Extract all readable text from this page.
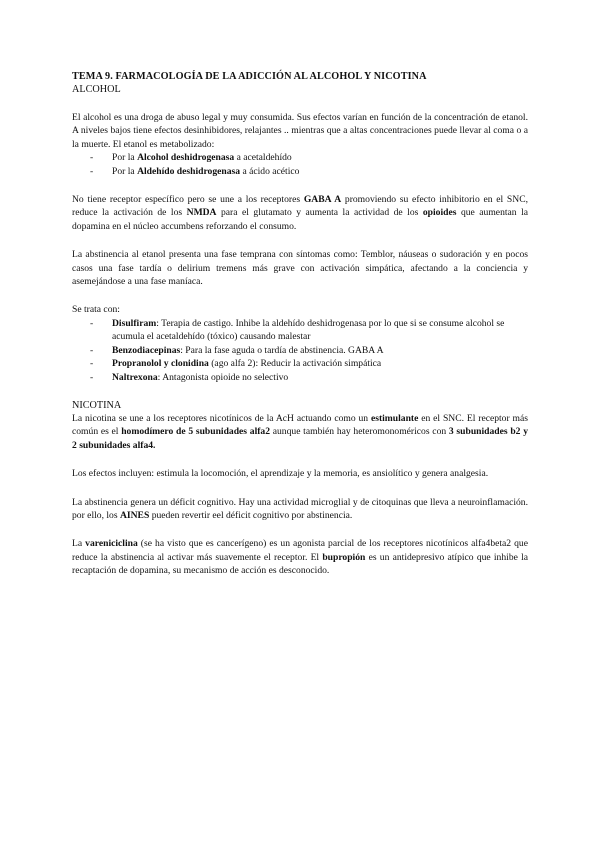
TEMA 9. FARMACOLOGÍA DE LA ADICCIÓN AL ALCOHOL Y NICOTINA
ALCOHOL

El alcohol es una droga de abuso legal y muy consumida. Sus efectos varían en función de la concentración de etanol. A niveles bajos tiene efectos desinhibidores, relajantes .. mientras que a altas concentraciones puede llevar al coma o a la muerte. El etanol es metabolizado:

- Por la Alcohol deshidrogenasa a acetaldehído
- Por la Aldehído deshidrogenasa a ácido acético

No tiene receptor específico pero se une a los receptores GABA A promoviendo su efecto inhibitorio en el SNC, reduce la activación de los NMDA para el glutamato y aumenta la actividad de los opioides que aumentan la dopamina en el núcleo accumbens reforzando el consumo.

La abstinencia al etanol presenta una fase temprana con síntomas como: Temblor, náuseas o sudoración y en pocos casos una fase tardía o delirium tremens más grave con activación simpática, afectando a la conciencia y asemejándose a una fase maníaca.

Se trata con:

- Disulfiram: Terapia de castigo. Inhibe la aldehído deshidrogenasa por lo que si se consume alcohol se acumula el acetaldehído (tóxico) causando malestar
- Benzodiacepinas: Para la fase aguda o tardía de abstinencia. GABA A
- Propranolol y clonidina (ago alfa 2): Reducir la activación simpática
- Naltrexona: Antagonista opioide no selectivo
NICOTINA

La nicotina se une a los receptores nicotínicos de la AcH actuando como un estimulante en el SNC. El receptor más común es el homodímero de 5 subunidades alfa2 aunque también hay heteromonoméricos con 3 subunidades b2 y 2 subunidades alfa4.

Los efectos incluyen: estimula la locomoción, el aprendizaje y la memoria, es ansiolítico y genera analgesia.

La abstinencia genera un déficit cognitivo. Hay una actividad microglial y de citoquinas que lleva a neuroinflamación. por ello, los AINES pueden revertir eel déficit cognitivo por abstinencia.

La vareniciclina (se ha visto que es cancerígeno) es un agonista parcial de los receptores nicotínicos alfa4beta2 que reduce la abstinencia al activar más suavemente el receptor. El bupropión es un antidepresivo atípico que inhibe la recaptación de dopamina, su mecanismo de acción es desconocido.
